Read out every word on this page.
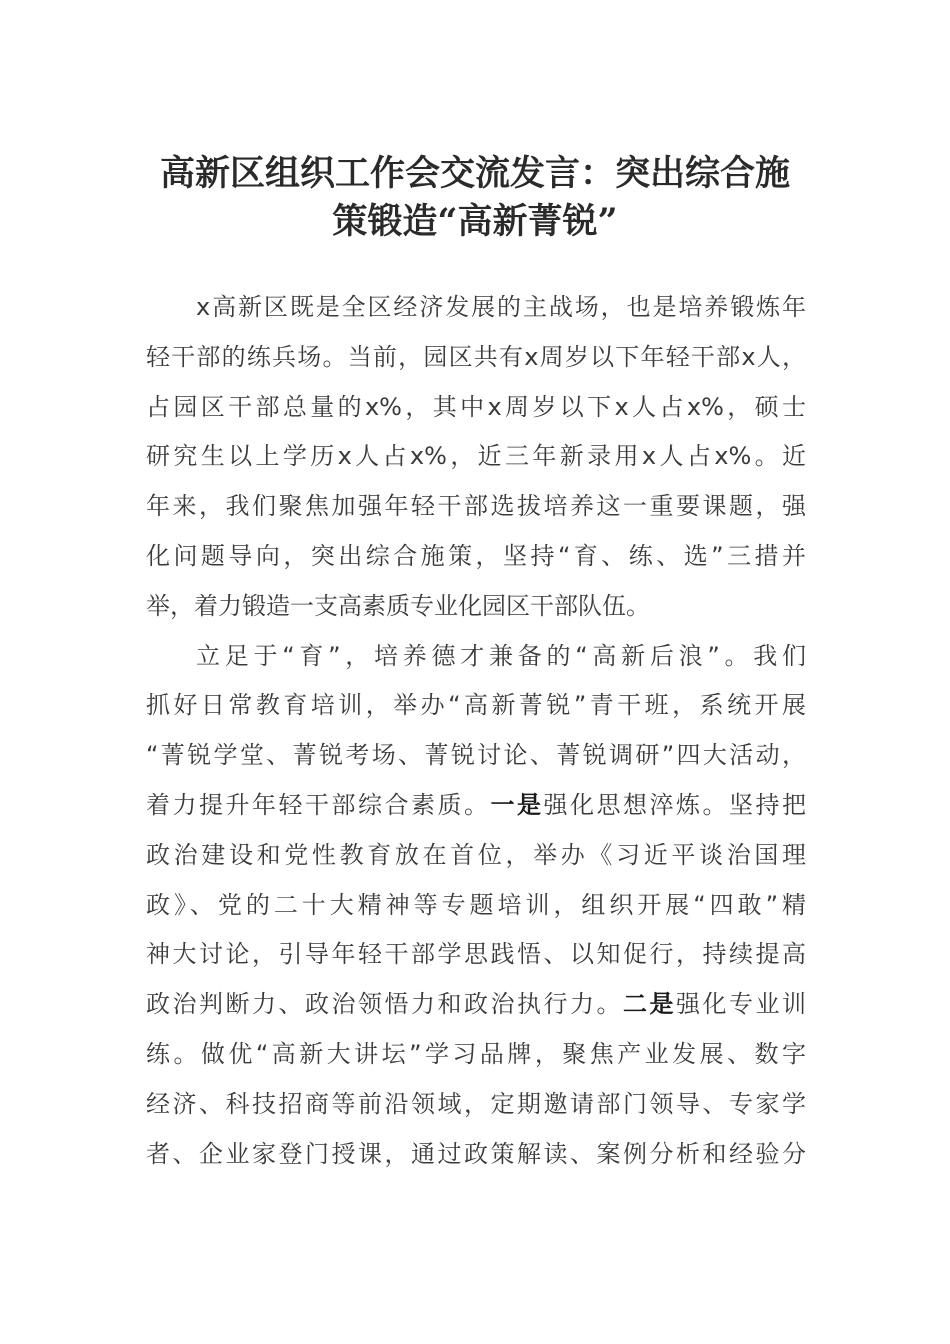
高新区组织工作会交流发言：突出综合施
策锻造“高新菁锐”
x高新区既是全区经济发展的主战场，也是培养锻炼年
轻干部的练兵场。当前，园区共有x周岁以下年轻干部x人，
占园区干部总量的x%，其中x周岁以下x人占x%，硕士
研究生以上学历x人占x%，近三年新录用x人占x%。近
年来，我们聚焦加强年轻干部选拔培养这一重要课题，强
化问题导向，突出综合施策，坚持“育、练、选”三措并
举，着力锻造一支高素质专业化园区干部队伍。
立足于“育”，培养德才兼备的“高新后浪”。我们
抓好日常教育培训，举办“高新菁锐”青干班，系统开展
“菁锐学堂、菁锐考场、菁锐讨论、菁锐调研”四大活动，
着力提升年轻干部综合素质。一是强化思想淬炼。坚持把
政治建设和党性教育放在首位，举办《习近平谈治国理
政》、党的二十大精神等专题培训，组织开展“四敢”精
神大讨论，引导年轻干部学思践悟、以知促行，持续提高
政治判断力、政治领悟力和政治执行力。二是强化专业训
练。做优“高新大讲坛”学习品牌，聚焦产业发展、数字
经济、科技招商等前沿领域，定期邀请部门领导、专家学
者、企业家登门授课，通过政策解读、案例分析和经验分
